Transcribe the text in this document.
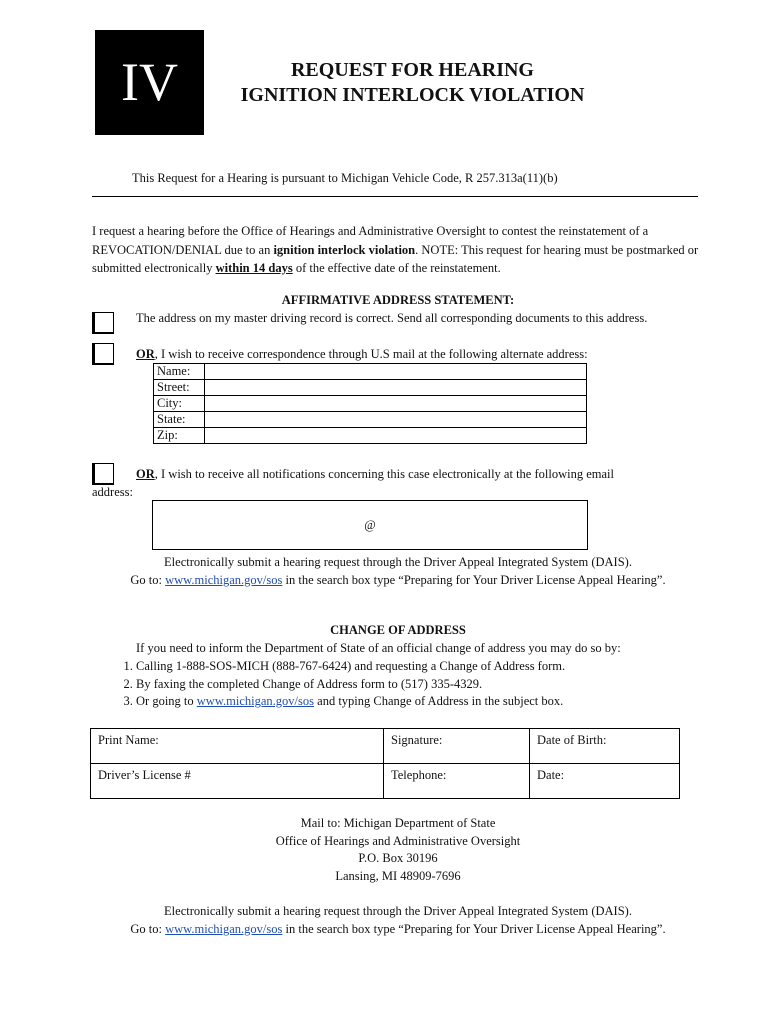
IV	REQUEST FOR HEARING
IGNITION INTERLOCK VIOLATION
This Request for a Hearing is pursuant to Michigan Vehicle Code, R 257.313a(11)(b)

I request a hearing before the Office of Hearings and Administrative Oversight to contest the reinstatement of a REVOCATION/DENIAL due to an ignition interlock violation. NOTE: This request for hearing must be postmarked or submitted electronically within 14 days of the effective date of the reinstatement.

AFFIRMATIVE ADDRESS STATEMENT:
The address on my master driving record is correct. Send all corresponding documents to this address.
OR, I wish to receive correspondence through U.S mail at the following alternate address:
Name:	
Street:	
City:	
State:	
Zip:	
OR, I wish to receive all notifications concerning this case electronically at the following email
address:
@
Electronically submit a hearing request through the Driver Appeal Integrated System (DAIS).
Go to: www.michigan.gov/sos in the search box type “Preparing for Your Driver License Appeal Hearing”.
CHANGE OF ADDRESS
If you need to inform the Department of State of an official change of address you may do so by:
1. Calling 1-888-SOS-MICH (888-767-6424) and requesting a Change of Address form.
2. By faxing the completed Change of Address form to (517) 335-4329.
3. Or going to www.michigan.gov/sos and typing Change of Address in the subject box.
Print Name:	Signature:	Date of Birth:
Driver’s License #	Telephone:	Date:
Mail to: Michigan Department of State
Office of Hearings and Administrative Oversight
P.O. Box 30196
Lansing, MI 48909-7696
Electronically submit a hearing request through the Driver Appeal Integrated System (DAIS).
Go to: www.michigan.gov/sos in the search box type “Preparing for Your Driver License Appeal Hearing”.
